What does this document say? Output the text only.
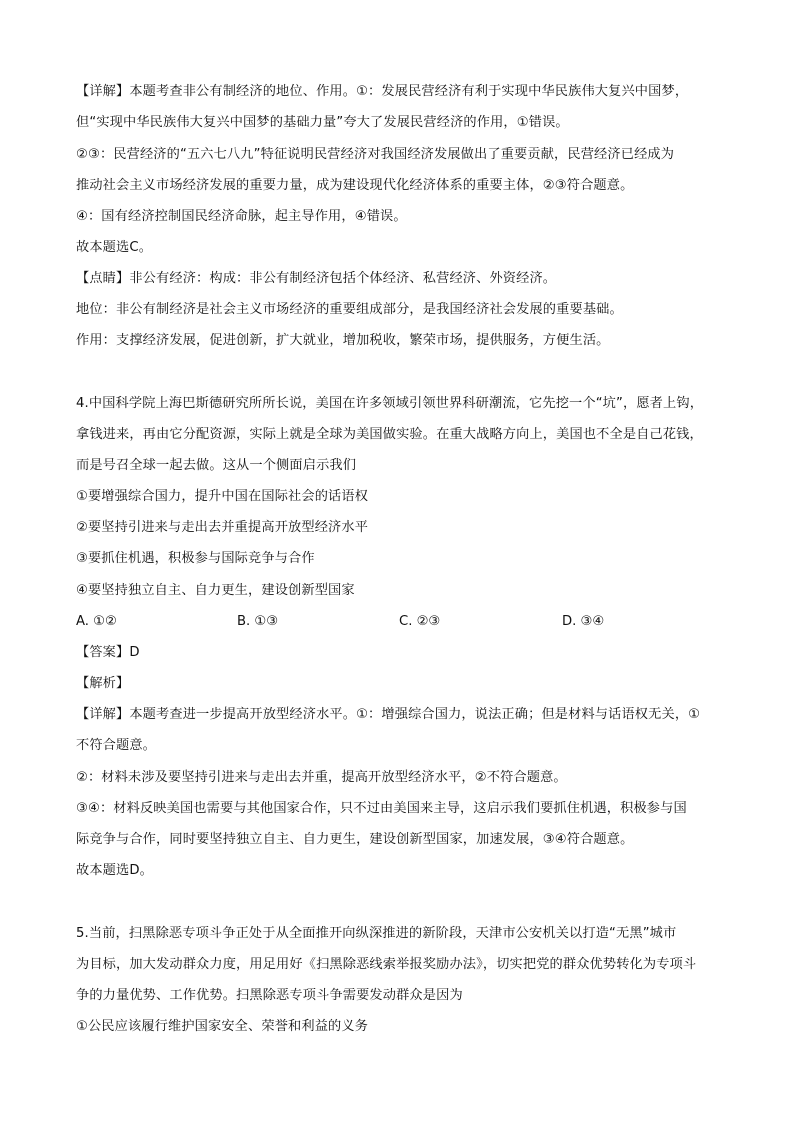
【详解】本题考查非公有制经济的地位、作用。①：发展民营经济有利于实现中华民族伟大复兴中国梦，
但“实现中华民族伟大复兴中国梦的基础力量”夸大了发展民营经济的作用，①错误。
②③：民营经济的“五六七八九”特征说明民营经济对我国经济发展做出了重要贡献，民营经济已经成为
推动社会主义市场经济发展的重要力量，成为建设现代化经济体系的重要主体，②③符合题意。
④：国有经济控制国民经济命脉，起主导作用，④错误。
故本题选C。
【点睛】非公有经济：构成：非公有制经济包括个体经济、私营经济、外资经济。
地位：非公有制经济是社会主义市场经济的重要组成部分，是我国经济社会发展的重要基础。
作用：支撑经济发展，促进创新，扩大就业，增加税收，繁荣市场，提供服务，方便生活。
4.中国科学院上海巴斯德研究所所长说，美国在许多领域引领世界科研潮流，它先挖一个“坑”，愿者上钩，
拿钱进来，再由它分配资源，实际上就是全球为美国做实验。在重大战略方向上，美国也不全是自己花钱，
而是号召全球一起去做。这从一个侧面启示我们
①要增强综合国力，提升中国在国际社会的话语权
②要坚持引进来与走出去并重提高开放型经济水平
③要抓住机遇，积极参与国际竞争与合作
④要坚持独立自主、自力更生，建设创新型国家
A. ①②	B. ①③	C. ②③	D. ③④
【答案】D
【解析】
【详解】本题考查进一步提高开放型经济水平。①：增强综合国力，说法正确；但是材料与话语权无关，①
不符合题意。
②：材料未涉及要坚持引进来与走出去并重，提高开放型经济水平，②不符合题意。
③④：材料反映美国也需要与其他国家合作，只不过由美国来主导，这启示我们要抓住机遇，积极参与国
际竞争与合作，同时要坚持独立自主、自力更生，建设创新型国家，加速发展，③④符合题意。
故本题选D。
5.当前，扫黑除恶专项斗争正处于从全面推开向纵深推进的新阶段，天津市公安机关以打造“无黑”城市
为目标，加大发动群众力度，用足用好《扫黑除恶线索举报奖励办法》，切实把党的群众优势转化为专项斗
争的力量优势、工作优势。扫黑除恶专项斗争需要发动群众是因为
①公民应该履行维护国家安全、荣誉和利益的义务
